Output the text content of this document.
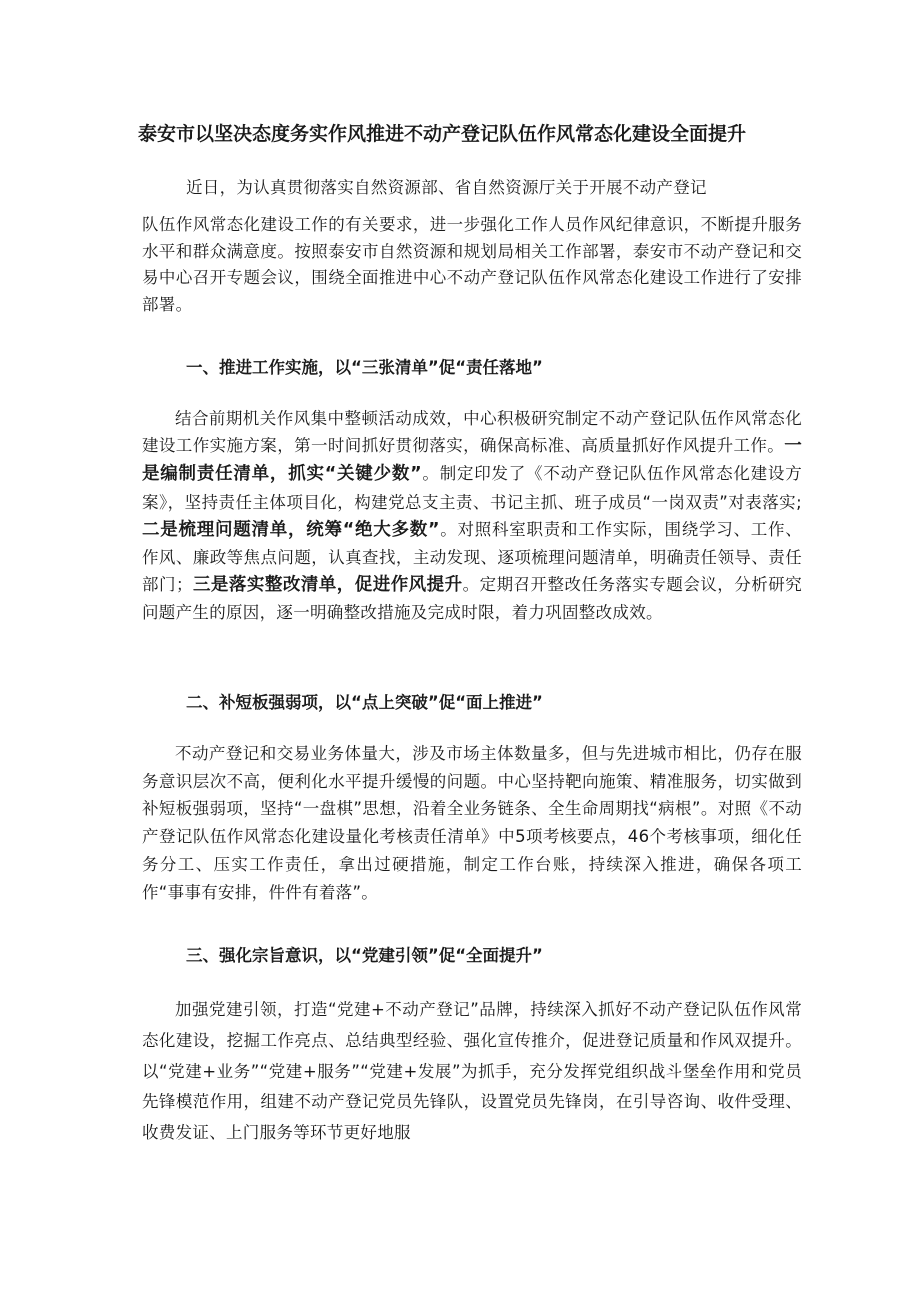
泰安市以坚决态度务实作风推进不动产登记队伍作风常态化建设全面提升
近日，为认真贯彻落实自然资源部、省自然资源厅关于开展不动产登记
队伍作风常态化建设工作的有关要求，进一步强化工作人员作风纪律意识，不断提升服务水平和群众满意度。按照泰安市自然资源和规划局相关工作部署，泰安市不动产登记和交易中心召开专题会议，围绕全面推进中心不动产登记队伍作风常态化建设工作进行了安排部署。
一、推进工作实施，以“三张清单”促“责任落地”
结合前期机关作风集中整顿活动成效，中心积极研究制定不动产登记队伍作风常态化建设工作实施方案，第一时间抓好贯彻落实，确保高标准、高质量抓好作风提升工作。一是编制责任清单，抓实“关键少数”。制定印发了《不动产登记队伍作风常态化建设方案》，坚持责任主体项目化，构建党总支主责、书记主抓、班子成员“一岗双责”对表落实;二是梳理问题清单，统筹“绝大多数”。对照科室职责和工作实际，围绕学习、工作、作风、廉政等焦点问题，认真查找，主动发现、逐项梳理问题清单，明确责任领导、责任部门；三是落实整改清单，促进作风提升。定期召开整改任务落实专题会议，分析研究问题产生的原因，逐一明确整改措施及完成时限，着力巩固整改成效。
二、补短板强弱项，以“点上突破”促“面上推进”
不动产登记和交易业务体量大，涉及市场主体数量多，但与先进城市相比，仍存在服务意识层次不高，便利化水平提升缓慢的问题。中心坚持靶向施策、精准服务，切实做到补短板强弱项，坚持“一盘棋”思想，沿着全业务链条、全生命周期找“病根”。对照《不动产登记队伍作风常态化建设量化考核责任清单》中5项考核要点，46个考核事项，细化任务分工、压实工作责任，拿出过硬措施，制定工作台账，持续深入推进，确保各项工作“事事有安排，件件有着落”。
三、强化宗旨意识，以“党建引领”促“全面提升”
加强党建引领，打造“党建+不动产登记”品牌，持续深入抓好不动产登记队伍作风常态化建设，挖掘工作亮点、总结典型经验、强化宣传推介，促进登记质量和作风双提升。以“党建+业务”“党建+服务”“党建+发展”为抓手，充分发挥党组织战斗堡垒作用和党员先锋模范作用，组建不动产登记党员先锋队，设置党员先锋岗，在引导咨询、收件受理、收费发证、上门服务等环节更好地服
